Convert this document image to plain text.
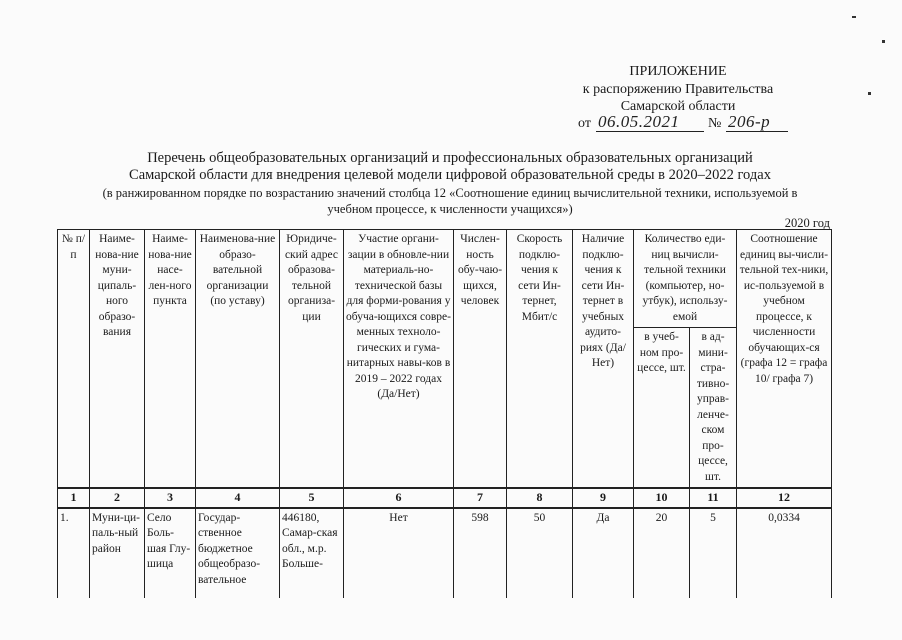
ПРИЛОЖЕНИЕ
к распоряжению Правительства
Самарской области
от 06.05.2021 № 206-р
Перечень общеобразовательных организаций и профессиональных образовательных организаций
Самарской области для внедрения целевой модели цифровой образовательной среды в 2020–2022 годах
(в ранжированном порядке по возрастанию значений столбца 12 «Соотношение единиц вычислительной техники, используемой в
учебном процессе, к численности учащихся»)
2020 год
№ п/п	Наиме-нова-ние муни-ципаль-ного образо-вания	Наиме-нова-ние насе-лен-ного пункта	Наименова-ние образо-вательной организации (по уставу)	Юридиче-ский адрес образова-тельной организа-ции	Участие органи-зации в обновле-нии материаль-но-технической базы для форми-рования у обуча-ющихся совре-менных техноло-гических и гума-нитарных навы-ков в 2019 – 2022 годах (Да/Нет)	Числен-ность обу-чаю-щихся, человек	Скорость подклю-чения к сети Ин-тернет, Мбит/с	Наличие подклю-чения к сети Ин-тернет в учебных аудито-риях (Да/Нет)	Количество еди-ниц вычисли-тельной техники (компьютер, но-утбук), использу-емой		Соотношение единиц вы-числи-тельной тех-ники, ис-пользуемой в учебном процессе, к численности обучающих-ся (графа 12 = графа 10/ графа 7)
									в учеб-ном про-цессе, шт.	в ад-мини-стра-тивно-управ-ленче-ском про-цессе, шт.	
1	2	3	4	5	6	7	8	9	10	11	12
1.	Муни-ци-паль-ный район	Село Боль-шая Глу-шица	Государ-ственное бюджетное общеобразо-вательное	446180, Самар-ская обл., м.р. Больше-	Нет	598	50	Да	20	5	0,0334
